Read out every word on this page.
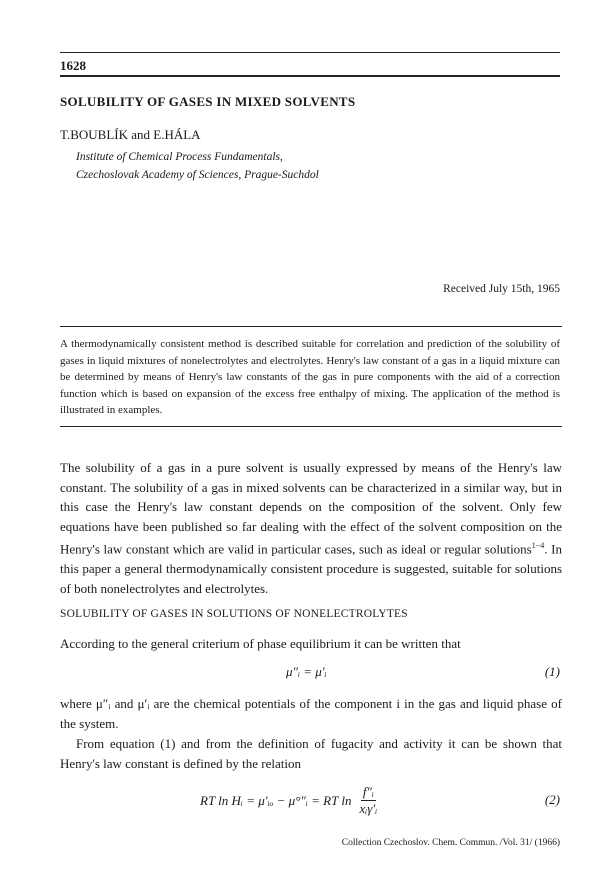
1628
SOLUBILITY OF GASES IN MIXED SOLVENTS
T.BOUBLÍK and E.HÁLA
Institute of Chemical Process Fundamentals,
Czechoslovak Academy of Sciences, Prague-Suchdol
Received July 15th, 1965
A thermodynamically consistent method is described suitable for correlation and prediction of the solubility of gases in liquid mixtures of nonelectrolytes and electrolytes. Henry's law constant of a gas in a liquid mixture can be determined by means of Henry's law constants of the gas in pure components with the aid of a correction function which is based on expansion of the excess free enthalpy of mixing. The application of the method is illustrated in examples.
The solubility of a gas in a pure solvent is usually expressed by means of the Henry's law constant. The solubility of a gas in mixed solvents can be characterized in a similar way, but in this case the Henry's law constant depends on the composition of the solvent. Only few equations have been published so far dealing with the effect of the solvent composition on the Henry's law constant which are valid in particular cases, such as ideal or regular solutions$^{1-4}$. In this paper a general thermodynamically consistent procedure is suggested, suitable for solutions of both nonelectrolytes and electrolytes.
SOLUBILITY OF GASES IN SOLUTIONS OF NONELECTROLYTES
According to the general criterium of phase equilibrium it can be written that
μ″ᵢ = μ′ᵢ	(1)
where μ″ᵢ and μ′ᵢ are the chemical potentials of the component i in the gas and liquid phase of the system.
From equation (1) and from the definition of fugacity and activity it can be shown that Henry's law constant is defined by the relation
RT ln Hᵢ = μ′ᵢₒ − μ°″ᵢ = RT ln
f″ᵢ
xᵢγ′ᵢ
(2)
Collection Czechoslov. Chem. Commun. /Vol. 31/ (1966)
